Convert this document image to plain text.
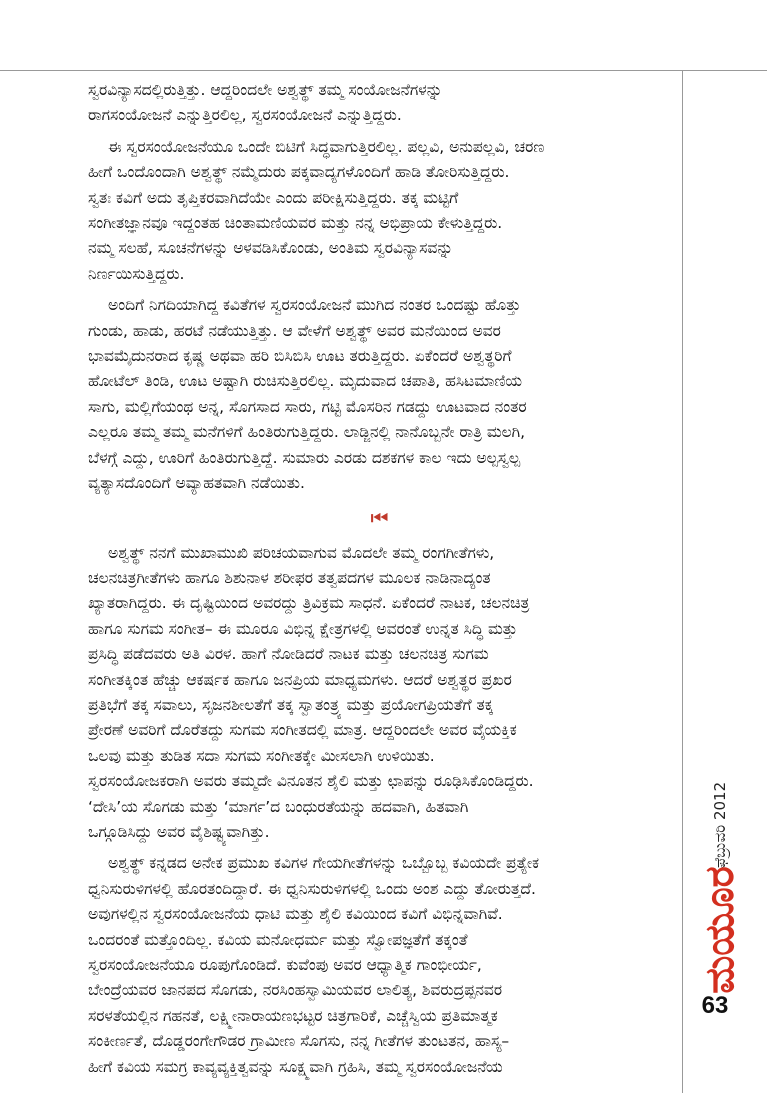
ಸ್ವರವಿನ್ಯಾಸದಲ್ಲಿರುತ್ತಿತ್ತು. ಆದ್ದರಿಂದಲೇ ಅಶ್ವತ್ಥ್ ತಮ್ಮ ಸಂಯೋಜನೆಗಳನ್ನು

ರಾಗಸಂಯೋಜನೆ ಎನ್ನುತ್ತಿರಲಿಲ್ಲ, ಸ್ವರಸಂಯೋಜನೆ ಎನ್ನುತ್ತಿದ್ದರು.

ಈ ಸ್ವರಸಂಯೋಜನೆಯೂ ಒಂದೇ ಬಿಟಿಗೆ ಸಿದ್ಧವಾಗುತ್ತಿರಲಿಲ್ಲ. ಪಲ್ಲವಿ, ಅನುಪಲ್ಲವಿ, ಚರಣ

ಹೀಗೆ ಒಂದೊಂದಾಗಿ ಅಶ್ವತ್ಥ್ ನಮ್ಮೆದುರು ಪಕ್ಕವಾದ್ಯಗಳೊಂದಿಗೆ ಹಾಡಿ ತೋರಿಸುತ್ತಿದ್ದರು.

ಸ್ವತಃ ಕವಿಗೆ ಅದು ತೃಪ್ತಿಕರವಾಗಿದೆಯೇ ಎಂದು ಪರೀಕ್ಷಿಸುತ್ತಿದ್ದರು. ತಕ್ಕ ಮಟ್ಟಿಗೆ

ಸಂಗೀತಜ್ಞಾನವೂ ಇದ್ದಂತಹ ಚಿಂತಾಮಣಿಯವರ ಮತ್ತು ನನ್ನ ಅಭಿಪ್ರಾಯ ಕೇಳುತ್ತಿದ್ದರು.

ನಮ್ಮ ಸಲಹೆ, ಸೂಚನೆಗಳನ್ನು ಅಳವಡಿಸಿಕೊಂಡು, ಅಂತಿಮ ಸ್ವರವಿನ್ಯಾಸವನ್ನು

ನಿರ್ಣಯಿಸುತ್ತಿದ್ದರು.

ಅಂದಿಗೆ ನಿಗದಿಯಾಗಿದ್ದ ಕವಿತೆಗಳ ಸ್ವರಸಂಯೋಜನೆ ಮುಗಿದ ನಂತರ ಒಂದಷ್ಟು ಹೊತ್ತು

ಗುಂಡು, ಹಾಡು, ಹರಟೆ ನಡೆಯುತ್ತಿತ್ತು. ಆ ವೇಳೆಗೆ ಅಶ್ವತ್ಥ್ ಅವರ ಮನೆಯಿಂದ ಅವರ

ಭಾವಮೈದುನರಾದ ಕೃಷ್ಣ ಅಥವಾ ಹರಿ ಬಿಸಿಬಿಸಿ ಊಟ ತರುತ್ತಿದ್ದರು. ಏಕೆಂದರೆ ಅಶ್ವತ್ಥರಿಗೆ

ಹೋಟೆಲ್ ತಿಂಡಿ, ಊಟ ಅಷ್ಟಾಗಿ ರುಚಿಸುತ್ತಿರಲಿಲ್ಲ. ಮೃದುವಾದ ಚಪಾತಿ, ಹಸಿಟಮಾಣಿಯ

ಸಾಗು, ಮಲ್ಲಿಗೆಯಂಥ ಅನ್ನ, ಸೊಗಸಾದ ಸಾರು, ಗಟ್ಟಿ ಮೊಸರಿನ ಗಡದ್ದು ಊಟವಾದ ನಂತರ

ಎಲ್ಲರೂ ತಮ್ಮ ತಮ್ಮ ಮನೆಗಳಿಗೆ ಹಿಂತಿರುಗುತ್ತಿದ್ದರು. ಲಾಡ್ಜಿನಲ್ಲಿ ನಾನೊಬ್ಬನೇ ರಾತ್ರಿ ಮಲಗಿ,

ಬೆಳಗ್ಗೆ ಎದ್ದು, ಊರಿಗೆ ಹಿಂತಿರುಗುತ್ತಿದ್ದೆ. ಸುಮಾರು ಎರಡು ದಶಕಗಳ ಕಾಲ ಇದು ಅಲ್ಪಸ್ವಲ್ಪ

ವ್ಯತ್ಯಾಸದೊಂದಿಗೆ ಅವ್ಯಾಹತವಾಗಿ ನಡೆಯಿತು.

⏮

ಅಶ್ವತ್ಥ್ ನನಗೆ ಮುಖಾಮುಖಿ ಪರಿಚಯವಾಗುವ ಮೊದಲೇ ತಮ್ಮ ರಂಗಗೀತೆಗಳು,

ಚಲನಚಿತ್ರಗೀತೆಗಳು ಹಾಗೂ ಶಿಶುನಾಳ ಶರೀಫರ ತತ್ವಪದಗಳ ಮೂಲಕ ನಾಡಿನಾದ್ಯಂತ

ಖ್ಯಾತರಾಗಿದ್ದರು. ಈ ದೃಷ್ಟಿಯಿಂದ ಅವರದ್ದು ತ್ರಿವಿಕ್ರಮ ಸಾಧನೆ. ಏಕೆಂದರೆ ನಾಟಕ, ಚಲನಚಿತ್ರ

ಹಾಗೂ ಸುಗಮ ಸಂಗೀತ– ಈ ಮೂರೂ ವಿಭಿನ್ನ ಕ್ಷೇತ್ರಗಳಲ್ಲಿ ಅವರಂತೆ ಉನ್ನತ ಸಿದ್ಧಿ ಮತ್ತು

ಪ್ರಸಿದ್ಧಿ ಪಡೆದವರು ಅತಿ ವಿರಳ. ಹಾಗೆ ನೋಡಿದರೆ ನಾಟಕ ಮತ್ತು ಚಲನಚಿತ್ರ ಸುಗಮ

ಸಂಗೀತಕ್ಕಿಂತ ಹೆಚ್ಚು ಆಕರ್ಷಕ ಹಾಗೂ ಜನಪ್ರಿಯ ಮಾಧ್ಯಮಗಳು. ಆದರೆ ಅಶ್ವತ್ಥರ ಪ್ರಖರ

ಪ್ರತಿಭೆಗೆ ತಕ್ಕ ಸವಾಲು, ಸೃಜನಶೀಲತೆಗೆ ತಕ್ಕ ಸ್ವಾತಂತ್ರ್ಯ ಮತ್ತು ಪ್ರಯೋಗಪ್ರಿಯತೆಗೆ ತಕ್ಕ

ಪ್ರೇರಣೆ ಅವರಿಗೆ ದೊರೆತದ್ದು ಸುಗಮ ಸಂಗೀತದಲ್ಲಿ ಮಾತ್ರ. ಆದ್ದರಿಂದಲೇ ಅವರ ವೈಯಕ್ತಿಕ

ಒಲವು ಮತ್ತು ತುಡಿತ ಸದಾ ಸುಗಮ ಸಂಗೀತಕ್ಕೇ ಮೀಸಲಾಗಿ ಉಳಿಯಿತು.

ಸ್ವರಸಂಯೋಜಕರಾಗಿ ಅವರು ತಮ್ಮದೇ ವಿನೂತನ ಶೈಲಿ ಮತ್ತು ಛಾಪನ್ನು ರೂಢಿಸಿಕೊಂಡಿದ್ದರು.

‘ದೇಸಿ’ಯ ಸೊಗಡು ಮತ್ತು ‘ಮಾರ್ಗ’ದ ಬಂಧುರತೆಯನ್ನು ಹದವಾಗಿ, ಹಿತವಾಗಿ

ಒಗ್ಗೂಡಿಸಿದ್ದು ಅವರ ವೈಶಿಷ್ಟ್ಯವಾಗಿತ್ತು.

ಅಶ್ವತ್ಥ್ ಕನ್ನಡದ ಅನೇಕ ಪ್ರಮುಖ ಕವಿಗಳ ಗೇಯಗೀತೆಗಳನ್ನು ಒಬ್ಬೊಬ್ಬ ಕವಿಯದೇ ಪ್ರತ್ಯೇಕ

ಧ್ವನಿಸುರುಳಿಗಳಲ್ಲಿ ಹೊರತಂದಿದ್ದಾರೆ. ಈ ಧ್ವನಿಸುರುಳಿಗಳಲ್ಲಿ ಒಂದು ಅಂಶ ಎದ್ದು ತೋರುತ್ತದೆ.

ಅವುಗಳಲ್ಲಿನ ಸ್ವರಸಂಯೋಜನೆಯ ಧಾಟಿ ಮತ್ತು ಶೈಲಿ ಕವಿಯಿಂದ ಕವಿಗೆ ವಿಭಿನ್ನವಾಗಿವೆ.

ಒಂದರಂತೆ ಮತ್ತೊಂದಿಲ್ಲ. ಕವಿಯ ಮನೋಧರ್ಮ ಮತ್ತು ಸ್ವೋಪಜ್ಞತೆಗೆ ತಕ್ಕಂತೆ

ಸ್ವರಸಂಯೋಜನೆಯೂ ರೂಪುಗೊಂಡಿದೆ. ಕುವೆಂಪು ಅವರ ಆಧ್ಯಾತ್ಮಿಕ ಗಾಂಭೀರ್ಯ,

ಬೇಂದ್ರೆಯವರ ಜಾನಪದ ಸೊಗಡು, ನರಸಿಂಹಸ್ವಾಮಿಯವರ ಲಾಲಿತ್ಯ, ಶಿವರುದ್ರಪ್ಪನವರ

ಸರಳತೆಯಲ್ಲಿನ ಗಹನತೆ, ಲಕ್ಷ್ಮೀನಾರಾಯಣಭಟ್ಟರ ಚಿತ್ರಗಾರಿಕೆ, ಎಚ್ಚೆಸ್ವಿಯ ಪ್ರತಿಮಾತ್ಮಕ

ಸಂಕೀರ್ಣತೆ, ದೊಡ್ಡರಂಗೇಗೌಡರ ಗ್ರಾಮೀಣ ಸೊಗಸು, ನನ್ನ ಗೀತೆಗಳ ತುಂಟತನ, ಹಾಸ್ಯ–

ಹೀಗೆ ಕವಿಯ ಸಮಗ್ರ ಕಾವ್ಯವ್ಯಕ್ತಿತ್ವವನ್ನು ಸೂಕ್ಷ್ಮವಾಗಿ ಗ್ರಹಿಸಿ, ತಮ್ಮ ಸ್ವರಸಂಯೋಜನೆಯ

ಫೆಬ್ರುವರಿ 2012
ಮಯೂರ
63
